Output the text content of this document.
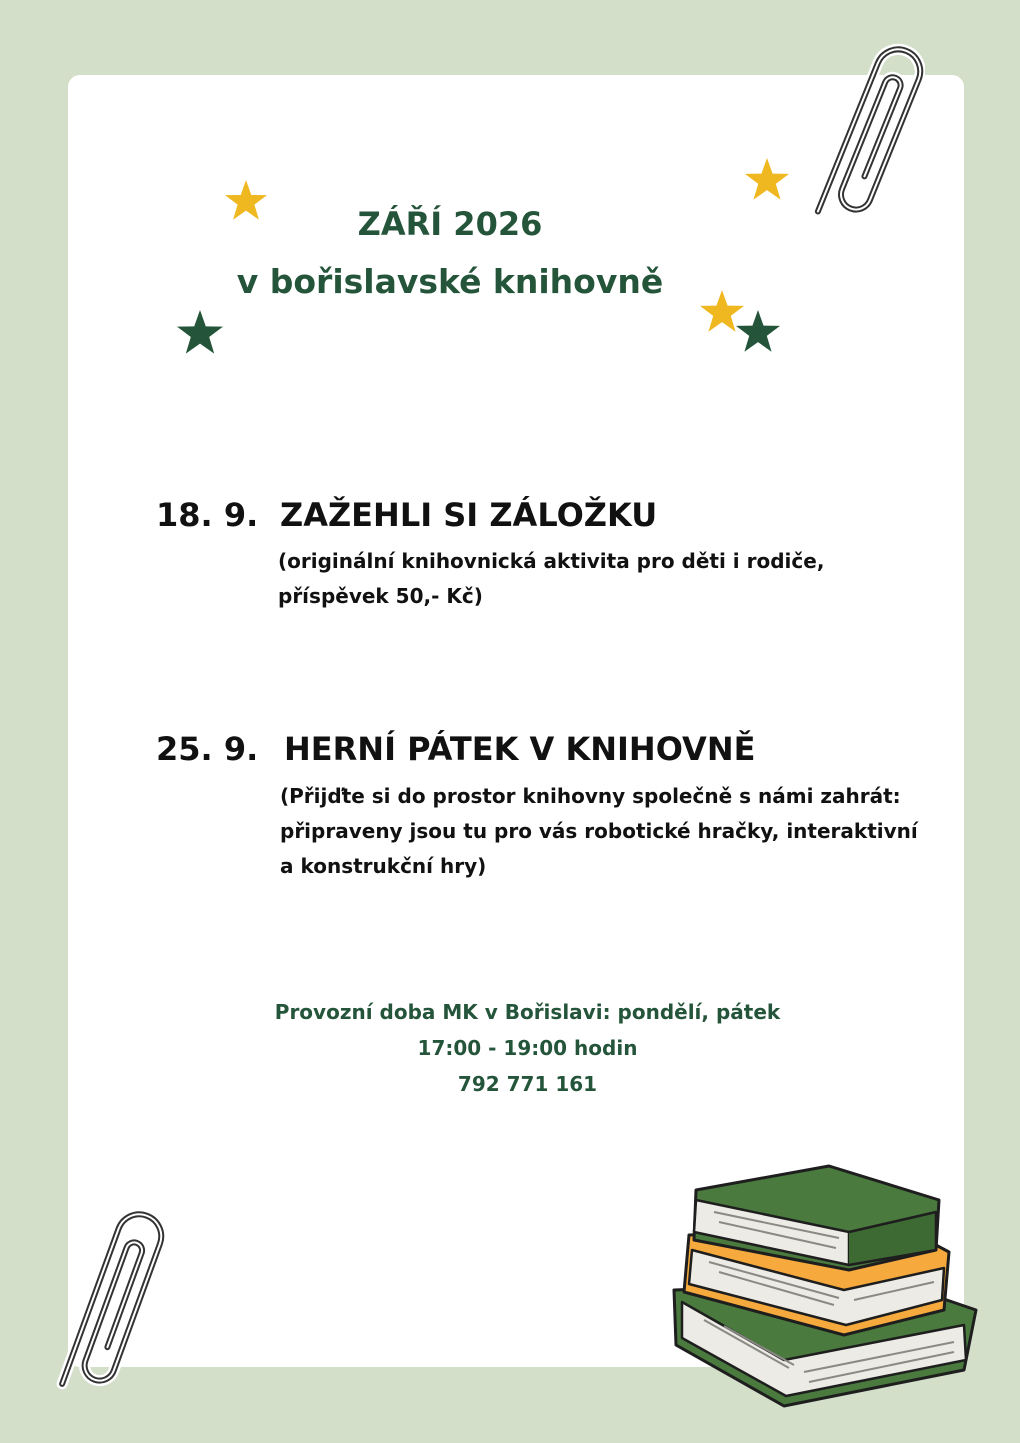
ZÁŘÍ 2026
v bořislavské knihovně
18. 9. ZAŽEHLI SI ZÁLOŽKU
(originální knihovnická aktivita pro děti i rodiče,
příspěvek 50,- Kč)
25. 9. HERNÍ PÁTEK V KNIHOVNĚ
(Přijďte si do prostor knihovny společně s námi zahrát:
připraveny jsou tu pro vás robotické hračky, interaktivní
a konstrukční hry)
Provozní doba MK v Bořislavi: pondělí, pátek
17:00 - 19:00 hodin
792 771 161
